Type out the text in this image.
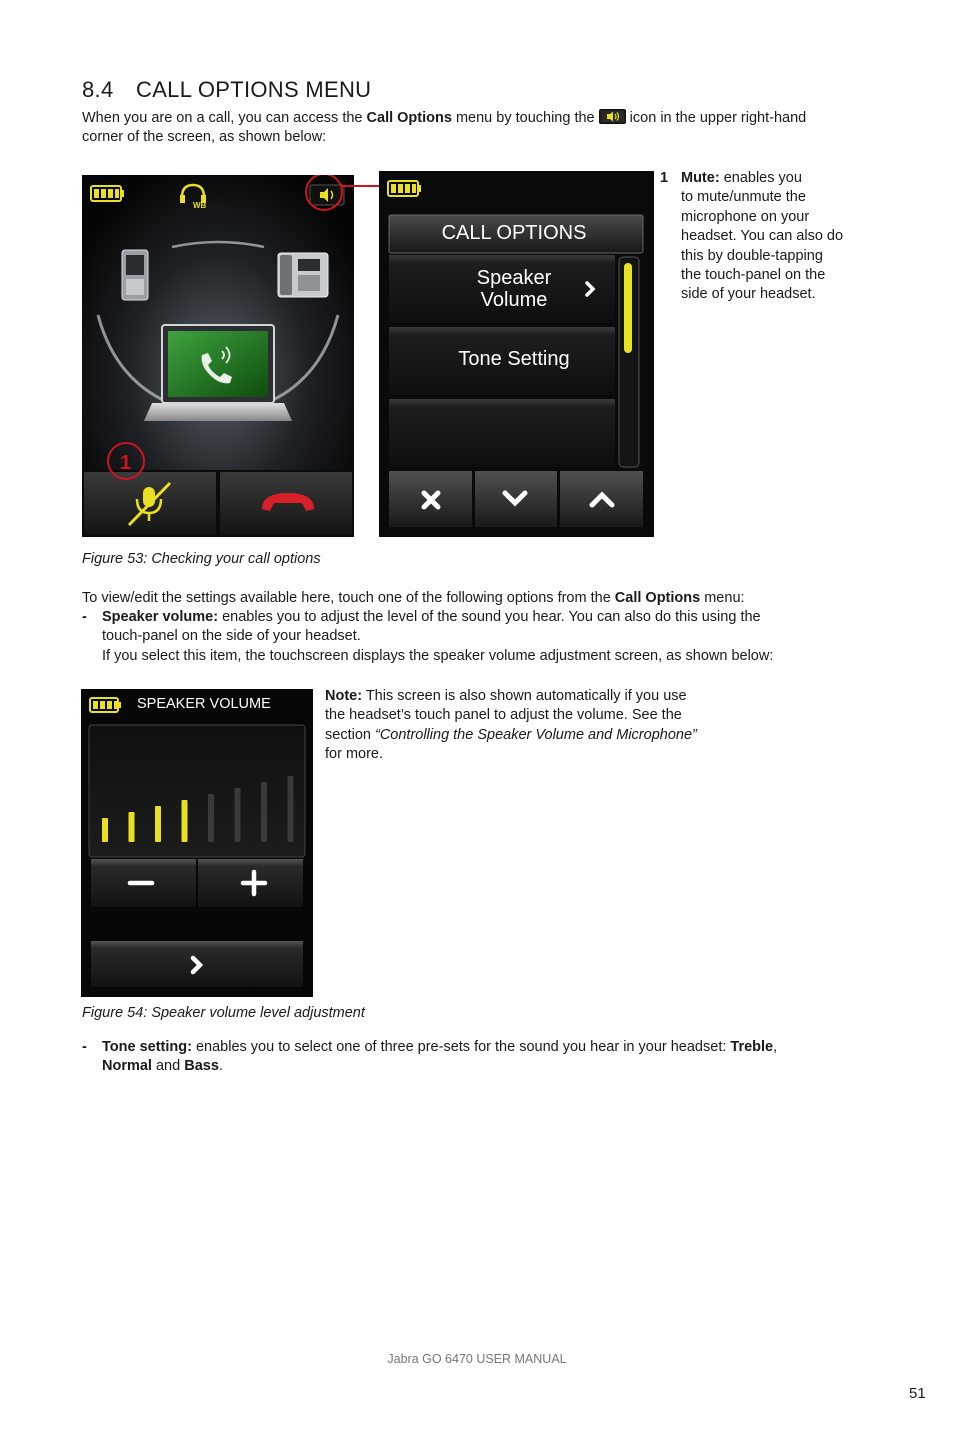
8.4 CALL OPTIONS MENU
When you are on a call, you can access the Call Options menu by touching the  icon in the upper right-hand
corner of the screen, as shown below:
WB
1
CALL OPTIONS
Speaker
Volume
Tone Setting
1 Mute: enables you
to mute/unmute the
microphone on your
headset. You can also do
this by double-tapping
the touch-panel on the
side of your headset.
Figure 53: Checking your call options
To view/edit the settings available here, touch one of the following options from the Call Options menu:
- Speaker volume: enables you to adjust the level of the sound you hear. You can also do this using the
touch-panel on the side of your headset.
If you select this item, the touchscreen displays the speaker volume adjustment screen, as shown below:
SPEAKER VOLUME	Note: This screen is also shown automatically if you use
the headset’s touch panel to adjust the volume. See the
section “Controlling the Speaker Volume and Microphone”
for more.
Figure 54: Speaker volume level adjustment
- Tone setting: enables you to select one of three pre-sets for the sound you hear in your headset: Treble,
Normal and Bass.
Jabra GO 6470 USER MANUAL
51
